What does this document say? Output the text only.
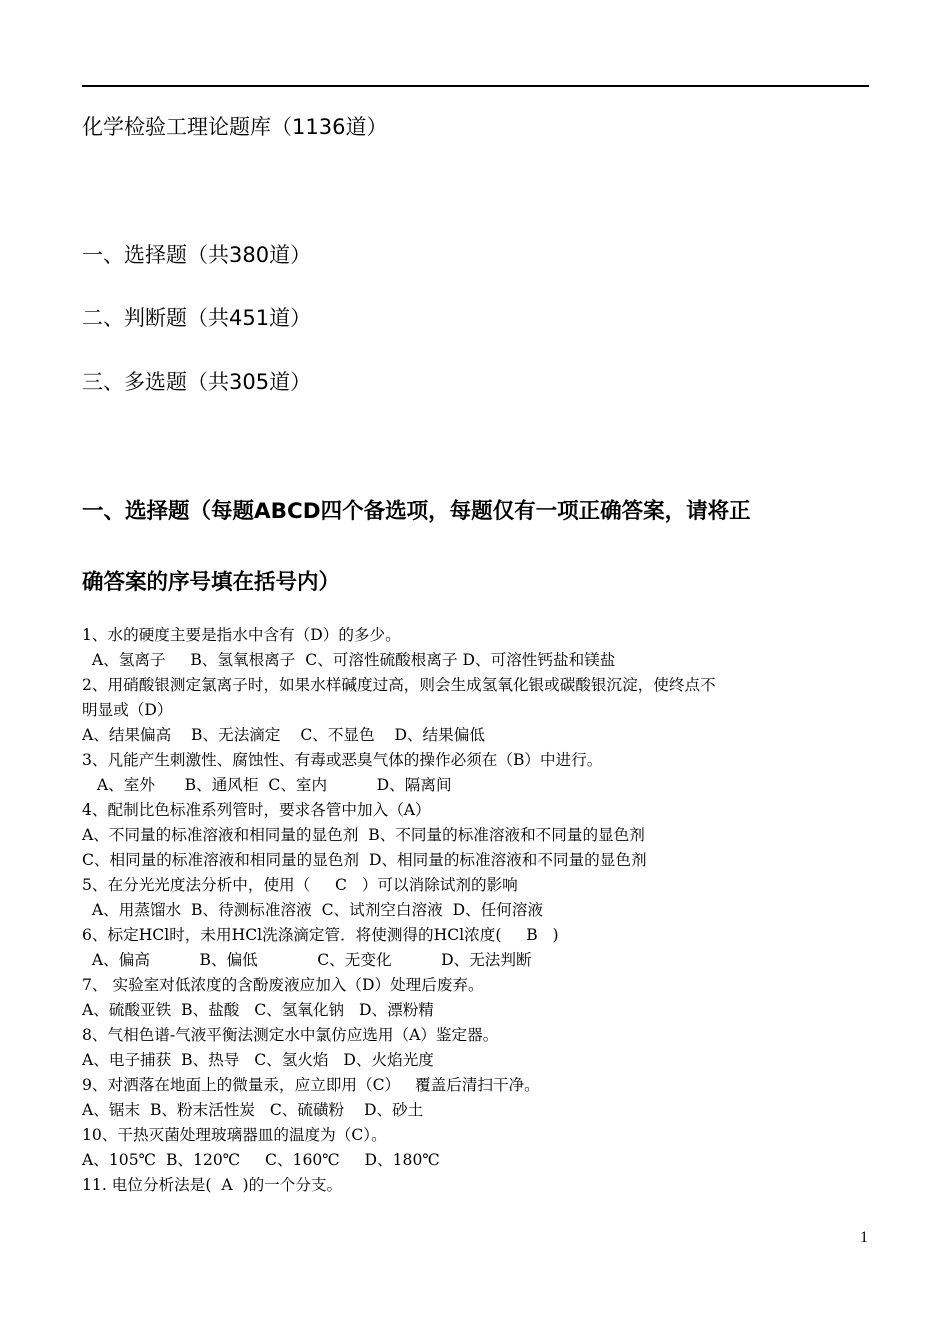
化学检验工理论题库（1136道）
一、选择题（共380道）
二、判断题（共451道）
三、多选题（共305道）
一、选择题（每题ABCD四个备选项，每题仅有一项正确答案，请将正
确答案的序号填在括号内）
1、水的硬度主要是指水中含有（D）的多少。
A、氢离子     B、氢氧根离子  C、可溶性硫酸根离子 D、可溶性钙盐和镁盐
2、用硝酸银测定氯离子时，如果水样碱度过高，则会生成氢氧化银或碳酸银沉淀，使终点不
明显或（D）
A、结果偏高    B、无法滴定    C、不显色    D、结果偏低
3、凡能产生刺激性、腐蚀性、有毒或恶臭气体的操作必须在（B）中进行。
A、室外      B、通风柜  C、室内          D、隔离间
4、配制比色标准系列管时，要求各管中加入（A）
A、不同量的标准溶液和相同量的显色剂  B、不同量的标准溶液和不同量的显色剂
C、相同量的标准溶液和相同量的显色剂  D、相同量的标准溶液和不同量的显色剂
5、在分光光度法分析中，使用（     C   ）可以消除试剂的影响
A、用蒸馏水  B、待测标准溶液  C、试剂空白溶液  D、任何溶液
6、标定HCl时，未用HCl洗涤滴定管．将使测得的HCl浓度(     B   )
A、偏高          B、偏低            C、无变化          D、无法判断
7、 实验室对低浓度的含酚废液应加入（D）处理后废弃。
A、硫酸亚铁  B、盐酸   C、氢氧化钠   D、漂粉精
8、气相色谱-气液平衡法测定水中氯仿应选用（A）鉴定器。
A、电子捕获  B、热导   C、氢火焰   D、火焰光度
9、对洒落在地面上的微量汞，应立即用（C）   覆盖后清扫干净。
A、锯末  B、粉末活性炭   C、硫磺粉    D、砂土
10、干热灭菌处理玻璃器皿的温度为（C）。
A、105℃  B、120℃     C、160℃     D、180℃
11. 电位分析法是(  A  )的一个分支。
1
